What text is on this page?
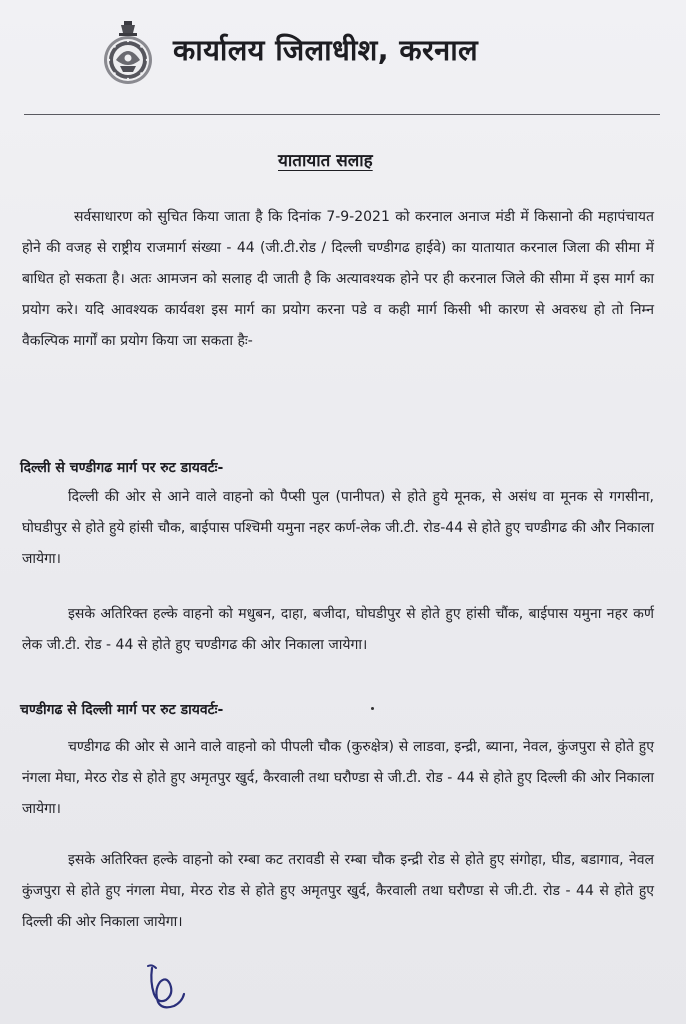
कार्यालय जिलाधीश, करनाल
यातायात सलाह

सर्वसाधारण को सुचित किया जाता है कि दिनांक 7-9-2021 को करनाल अनाज मंडी में किसानो की महापंचायत होने की वजह से राष्ट्रीय राजमार्ग संख्या - 44 (जी.टी.रोड / दिल्ली चण्डीगढ हाईवे) का यातायात करनाल जिला की सीमा में बाधित हो सकता है। अतः आमजन को सलाह दी जाती है कि अत्यावश्यक होने पर ही करनाल जिले की सीमा में इस मार्ग का प्रयोग करे। यदि आवश्यक कार्यवश इस मार्ग का प्रयोग करना पडे व कही मार्ग किसी भी कारण से अवरुध हो तो निम्न वैकल्पिक मार्गों का प्रयोग किया जा सकता हैः-

दिल्ली से चण्डीगढ मार्ग पर रुट डायवर्टः-

दिल्ली की ओर से आने वाले वाहनो को पैप्सी पुल (पानीपत) से होते हुये मूनक, से असंध वा मूनक से गगसीना, घोघडीपुर से होते हुये हांसी चौक, बाईपास पश्चिमी यमुना नहर कर्ण-लेक जी.टी. रोड-44 से होते हुए चण्डीगढ की और निकाला जायेगा।

इसके अतिरिक्त हल्के वाहनो को मधुबन, दाहा, बजीदा, घोघडीपुर से होते हुए हांसी चौंक, बाईपास यमुना नहर कर्ण लेक जी.टी. रोड - 44 से होते हुए चण्डीगढ की ओर निकाला जायेगा।

चण्डीगढ से दिल्ली मार्ग पर रुट डायवर्टः-

चण्डीगढ की ओर से आने वाले वाहनो को पीपली चौक (कुरुक्षेत्र) से लाडवा, इन्द्री, ब्याना, नेवल, कुंजपुरा से होते हुए नंगला मेघा, मेरठ रोड से होते हुए अमृतपुर खुर्द, कैरवाली तथा घरौण्डा से जी.टी. रोड - 44 से होते हुए दिल्ली की ओर निकाला जायेगा।

इसके अतिरिक्त हल्के वाहनो को रम्बा कट तरावडी से रम्बा चौक इन्द्री रोड से होते हुए संगोहा, घीड, बडागाव, नेवल कुंजपुरा से होते हुए नंगला मेघा, मेरठ रोड से होते हुए अमृतपुर खुर्द, कैरवाली तथा घरौण्डा से जी.टी. रोड - 44 से होते हुए दिल्ली की ओर निकाला जायेगा।
